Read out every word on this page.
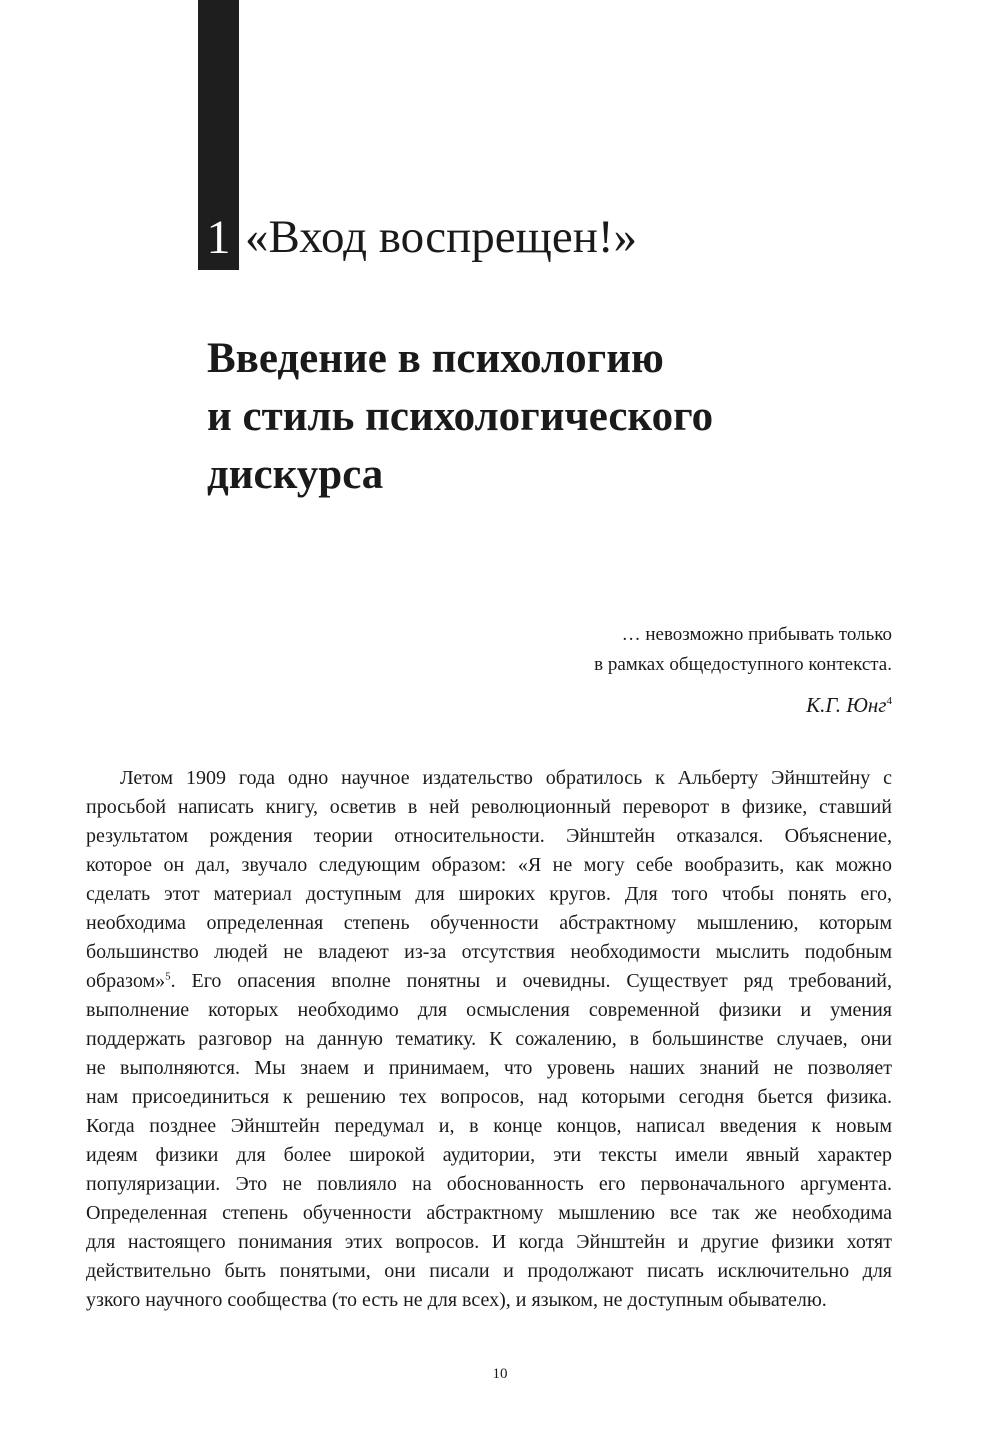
1 «Вход воспрещен!»
Введение в психологию
и стиль психологического
дискурса
… невозможно прибывать только
в рамках общедоступного контекста.
К.Г. Юнг$^4$
Летом 1909 года одно научное издательство обратилось к Альберту Эйнштейну с
просьбой написать книгу, осветив в ней революционный переворот в физике, ставший
результатом рождения теории относительности. Эйнштейн отказался. Объяснение,
которое он дал, звучало следующим образом: «Я не могу себе вообразить, как можно
сделать этот материал доступным для широких кругов. Для того чтобы понять его,
необходима определенная степень обученности абстрактному мышлению, которым
большинство людей не владеют из-за отсутствия необходимости мыслить подобным
образом»$^5$. Его опасения вполне понятны и очевидны. Существует ряд требований,
выполнение которых необходимо для осмысления современной физики и умения
поддержать разговор на данную тематику. К сожалению, в большинстве случаев, они
не выполняются. Мы знаем и принимаем, что уровень наших знаний не позволяет
нам присоединиться к решению тех вопросов, над которыми сегодня бьется физика.
Когда позднее Эйнштейн передумал и, в конце концов, написал введения к новым
идеям физики для более широкой аудитории, эти тексты имели явный характер
популяризации. Это не повлияло на обоснованность его первоначального аргумента.
Определенная степень обученности абстрактному мышлению все так же необходима
для настоящего понимания этих вопросов. И когда Эйнштейн и другие физики хотят
действительно быть понятыми, они писали и продолжают писать исключительно для
узкого научного сообщества (то есть не для всех), и языком, не доступным обывателю.
10
